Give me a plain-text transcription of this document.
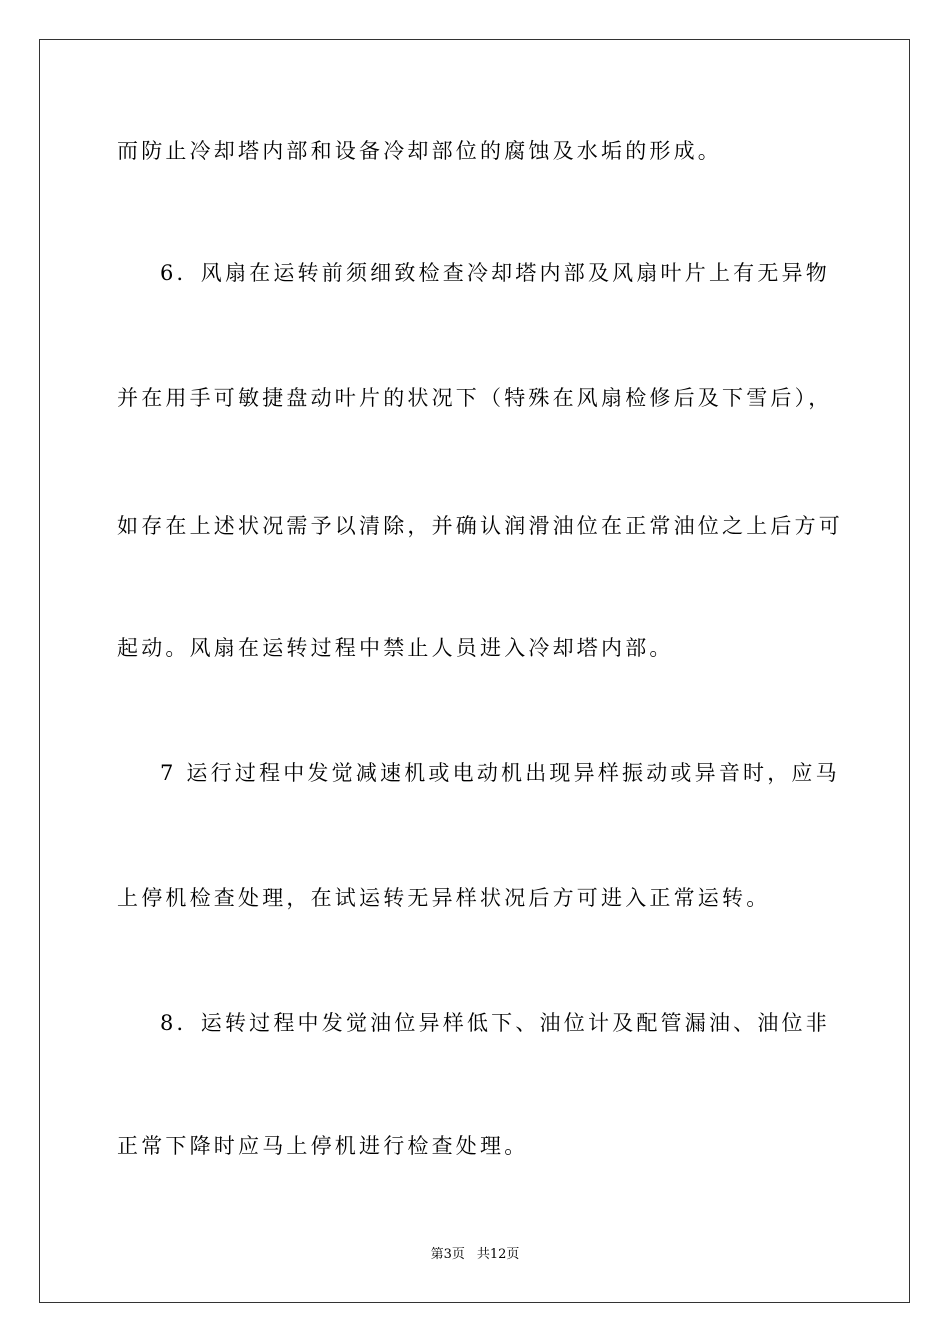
而防止冷却塔内部和设备冷却部位的腐蚀及水垢的形成。
6．风扇在运转前须细致检查冷却塔内部及风扇叶片上有无异物
并在用手可敏捷盘动叶片的状况下（特殊在风扇检修后及下雪后），
如存在上述状况需予以清除，并确认润滑油位在正常油位之上后方可
起动。风扇在运转过程中禁止人员进入冷却塔内部。
7 运行过程中发觉减速机或电动机出现异样振动或异音时，应马
上停机检查处理，在试运转无异样状况后方可进入正常运转。
8．运转过程中发觉油位异样低下、油位计及配管漏油、油位非
正常下降时应马上停机进行检查处理。
第3页 共12页
